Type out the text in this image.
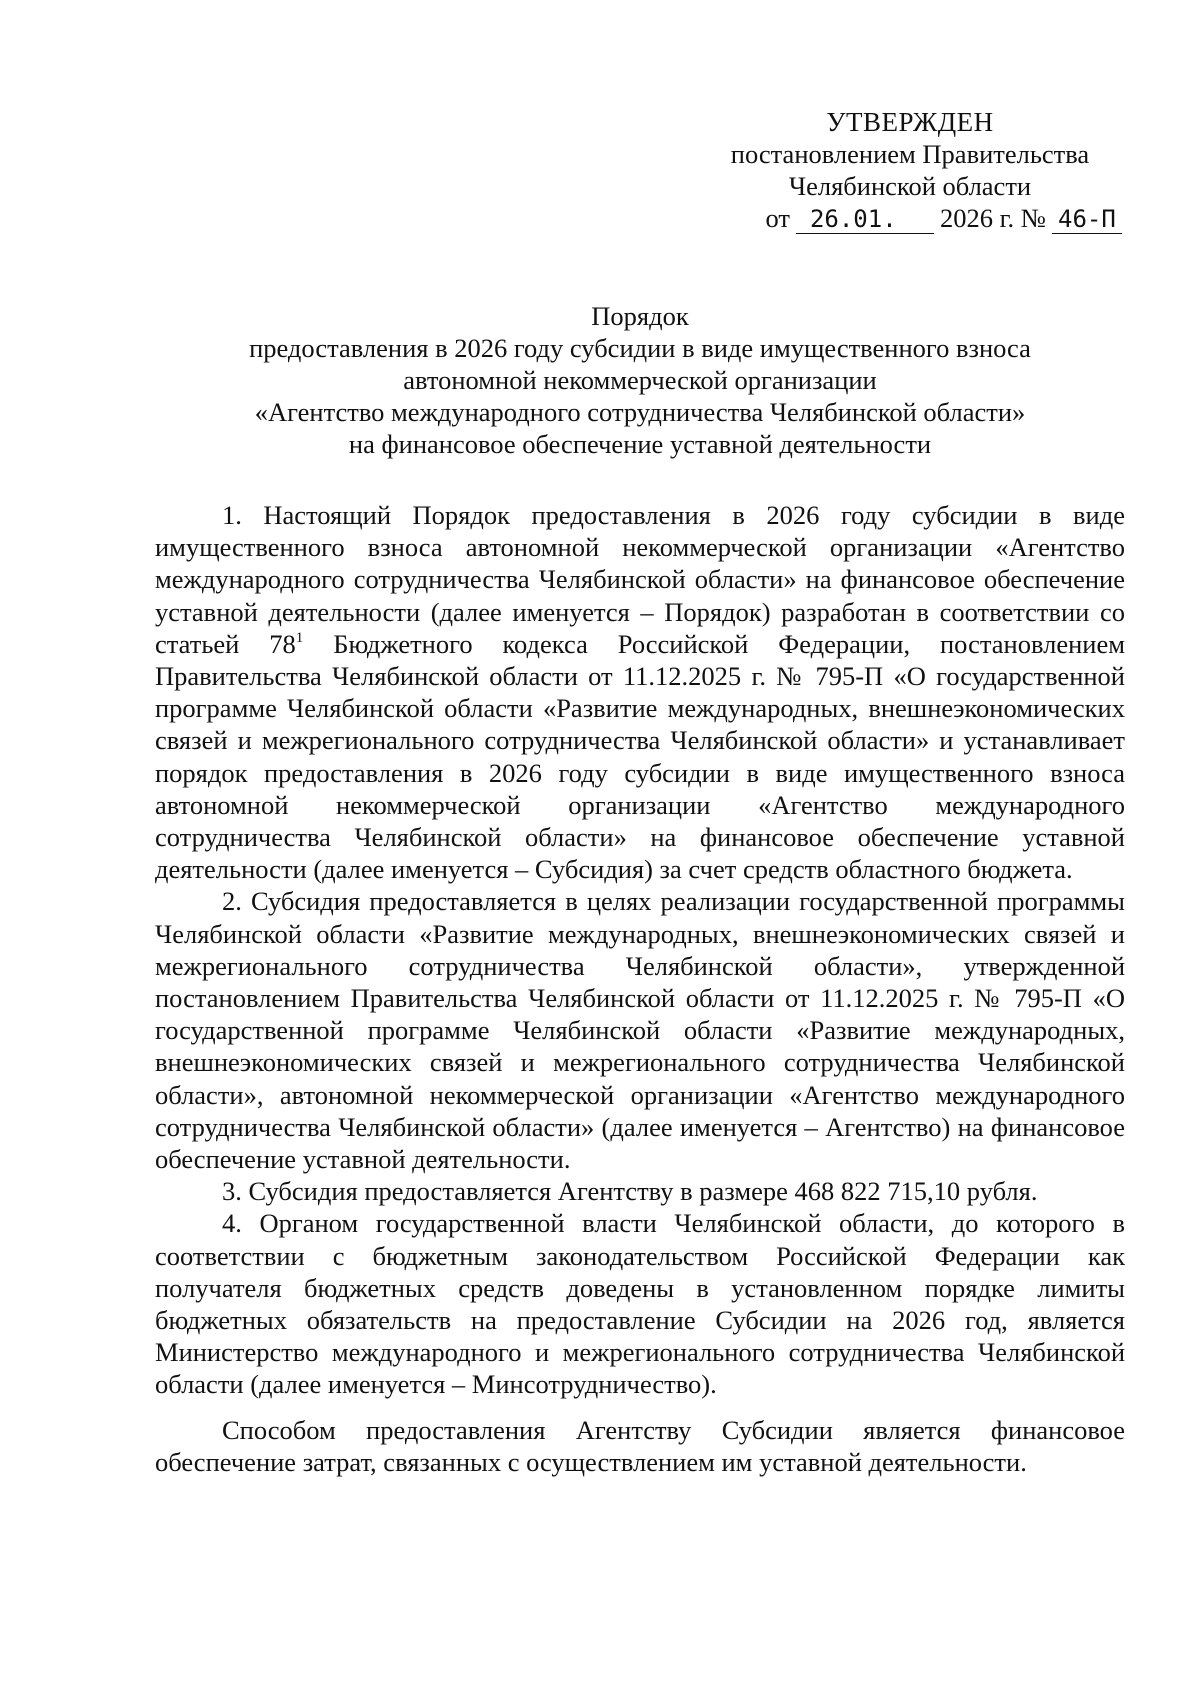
УТВЕРЖДЕН
постановлением Правительства
Челябинской области
от 26.01. 2026 г. № 46-П
Порядок
предоставления в 2026 году субсидии в виде имущественного взноса
автономной некоммерческой организации
«Агентство международного сотрудничества Челябинской области»
на финансовое обеспечение уставной деятельности

1. Настоящий Порядок предоставления в 2026 году субсидии в виде имущественного взноса автономной некоммерческой организации «Агентство международного сотрудничества Челябинской области» на финансовое обеспечение уставной деятельности (далее именуется – Порядок) разработан в соответствии со статьей $78^1$ Бюджетного кодекса Российской Федерации, постановлением Правительства Челябинской области от 11.12.2025 г. № 795-П «О государственной программе Челябинской области «Развитие международных, внешнеэкономических связей и межрегионального сотрудничества Челябинской области» и устанавливает порядок предоставления в 2026 году субсидии в виде имущественного взноса автономной некоммерческой организации «Агентство международного сотрудничества Челябинской области» на финансовое обеспечение уставной деятельности (далее именуется – Субсидия) за счет средств областного бюджета.

2. Субсидия предоставляется в целях реализации государственной программы Челябинской области «Развитие международных, внешнеэкономических связей и межрегионального сотрудничества Челябинской области», утвержденной постановлением Правительства Челябинской области от 11.12.2025 г. № 795-П «О государственной программе Челябинской области «Развитие международных, внешнеэкономических связей и межрегионального сотрудничества Челябинской области», автономной некоммерческой организации «Агентство международного сотрудничества Челябинской области» (далее именуется – Агентство) на финансовое обеспечение уставной деятельности.

3. Субсидия предоставляется Агентству в размере 468 822 715,10 рубля.

4. Органом государственной власти Челябинской области, до которого в соответствии с бюджетным законодательством Российской Федерации как получателя бюджетных средств доведены в установленном порядке лимиты бюджетных обязательств на предоставление Субсидии на 2026 год, является Министерство международного и межрегионального сотрудничества Челябинской области (далее именуется – Минсотрудничество).

Способом предоставления Агентству Субсидии является финансовое обеспечение затрат, связанных с осуществлением им уставной деятельности.
